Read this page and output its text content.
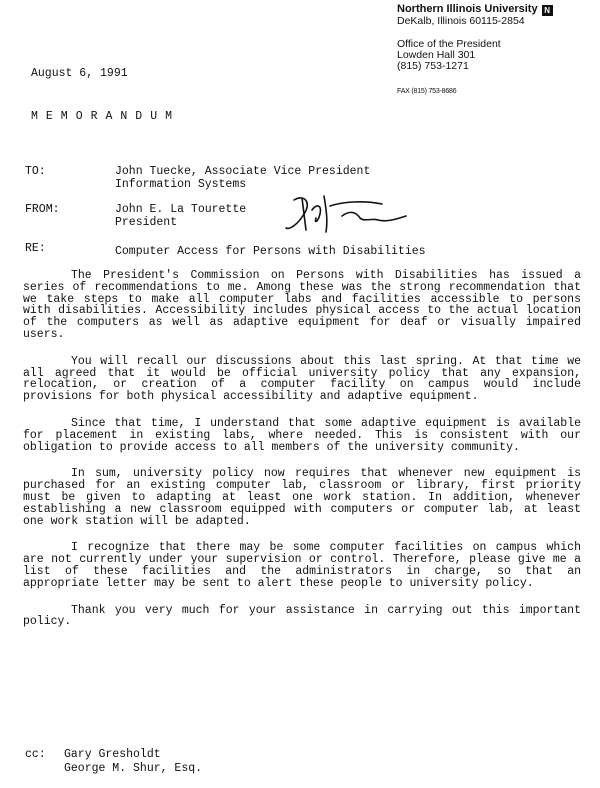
Northern Illinois University N
DeKalb, Illinois 60115-2854
Office of the President
Lowden Hall 301
(815) 753-1271
FAX (815) 753-8686
August 6, 1991
MEMORANDUM
TO:	John Tuecke, Associate Vice President
Information Systems
FROM:	John E. La Tourette
President
RE:	Computer Access for Persons with Disabilities

The President's Commission on Persons with Disabilities has issued a series of recommendations to me. Among these was the strong recommendation that we take steps to make all computer labs and facilities accessible to persons with disabilities. Accessibility includes physical access to the actual location of the computers as well as adaptive equipment for deaf or visually impaired users.

You will recall our discussions about this last spring. At that time we all agreed that it would be official university policy that any expansion, relocation, or creation of a computer facility on campus would include provisions for both physical accessibility and adaptive equipment.

Since that time, I understand that some adaptive equipment is available for placement in existing labs, where needed. This is consistent with our obligation to provide access to all members of the university community.

In sum, university policy now requires that whenever new equipment is purchased for an existing computer lab, classroom or library, first priority must be given to adapting at least one work station. In addition, whenever establishing a new classroom equipped with computers or computer lab, at least one work station will be adapted.

I recognize that there may be some computer facilities on campus which are not currently under your supervision or control. Therefore, please give me a list of these facilities and the administrators in charge, so that an appropriate letter may be sent to alert these people to university policy.

Thank you very much for your assistance in carrying out this important policy.

cc: Gary Gresholdt
George M. Shur, Esq.
